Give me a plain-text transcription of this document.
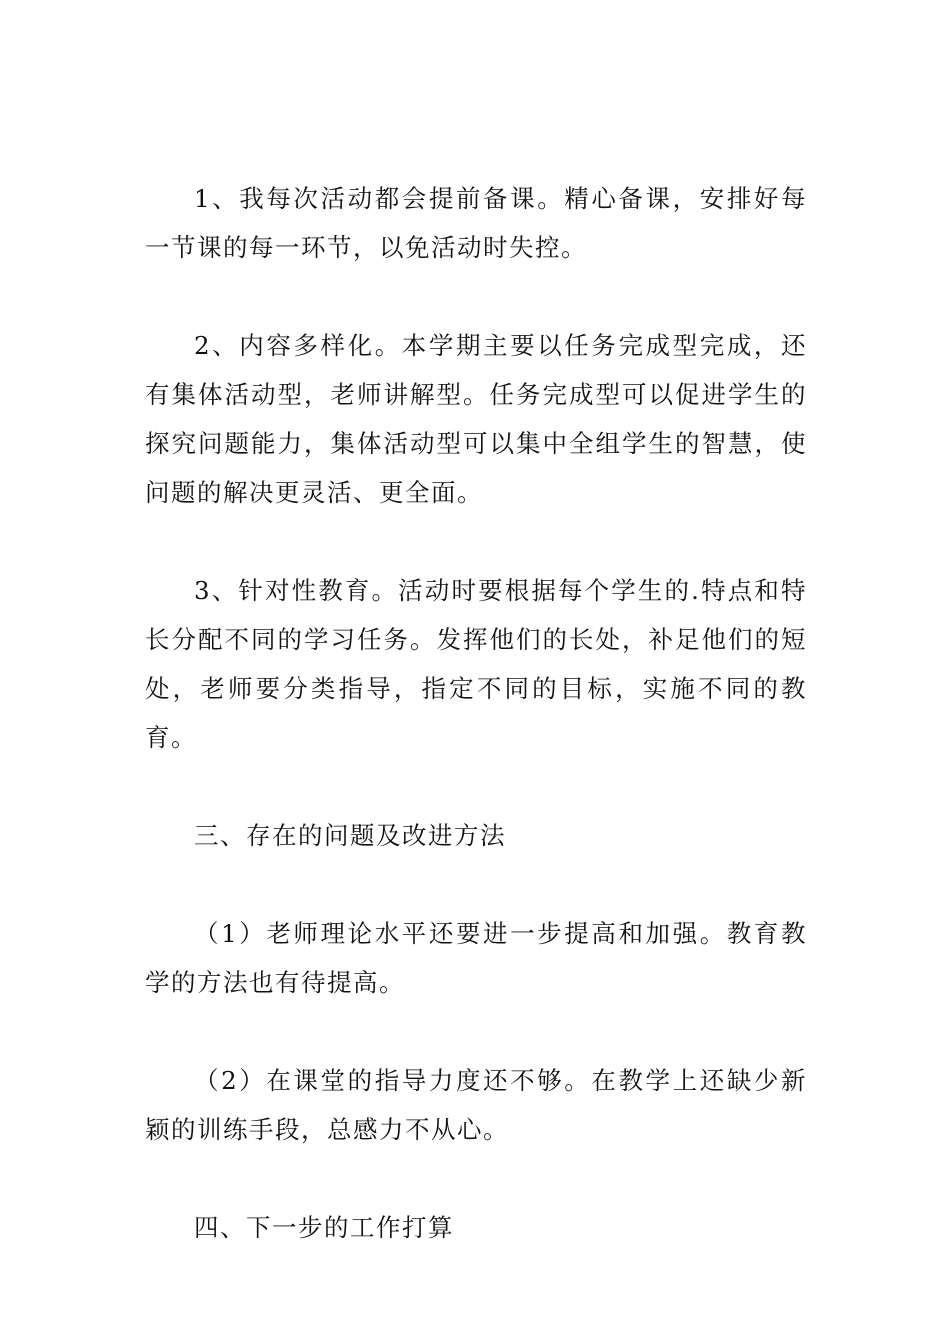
1、我每次活动都会提前备课。精心备课，安排好每一节课的每一环节，以免活动时失控。

2、内容多样化。本学期主要以任务完成型完成，还有集体活动型，老师讲解型。任务完成型可以促进学生的探究问题能力，集体活动型可以集中全组学生的智慧，使问题的解决更灵活、更全面。

3、针对性教育。活动时要根据每个学生的.特点和特长分配不同的学习任务。发挥他们的长处，补足他们的短处，老师要分类指导，指定不同的目标，实施不同的教育。

三、存在的问题及改进方法

（1）老师理论水平还要进一步提高和加强。教育教学的方法也有待提高。

（2）在课堂的指导力度还不够。在教学上还缺少新颖的训练手段，总感力不从心。

四、下一步的工作打算
